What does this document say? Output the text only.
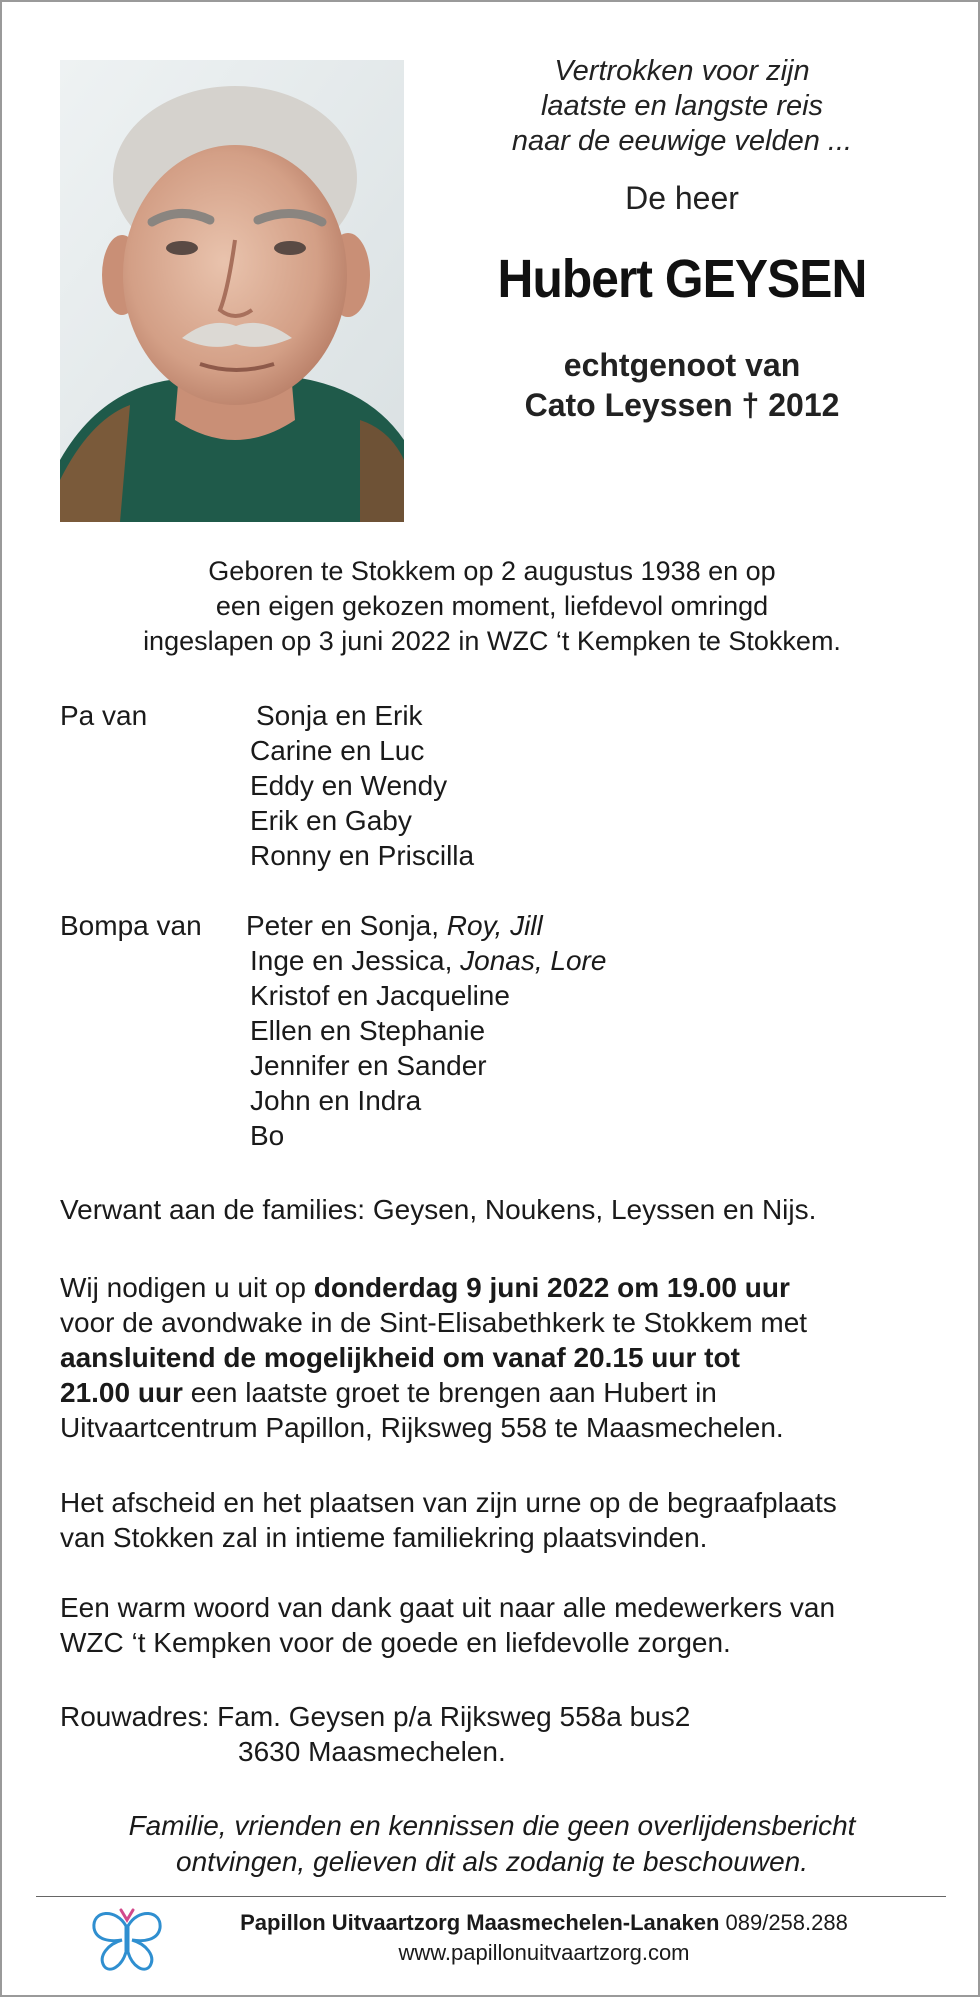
Vertrokken voor zijn
laatste en langste reis
naar de eeuwige velden ...
De heer
Hubert GEYSEN
echtgenoot van
Cato Leyssen † 2012
Geboren te Stokkem op 2 augustus 1938 en op
een eigen gekozen moment, liefdevol omringd
ingeslapen op 3 juni 2022 in WZC ‘t Kempken te Stokkem.
Pa van	Sonja en Erik
Carine en Luc
Eddy en Wendy
Erik en Gaby
Ronny en Priscilla
Bompa van Peter en Sonja, Roy, Jill
Inge en Jessica, Jonas, Lore
Kristof en Jacqueline
Ellen en Stephanie
Jennifer en Sander
John en Indra
Bo
Verwant aan de families: Geysen, Noukens, Leyssen en Nijs.
Wij nodigen u uit op donderdag 9 juni 2022 om 19.00 uur
voor de avondwake in de Sint-Elisabethkerk te Stokkem met
aansluitend de mogelijkheid om vanaf 20.15 uur tot
21.00 uur een laatste groet te brengen aan Hubert in
Uitvaartcentrum Papillon, Rijksweg 558 te Maasmechelen.
Het afscheid en het plaatsen van zijn urne op de begraafplaats
van Stokken zal in intieme familiekring plaatsvinden.
Een warm woord van dank gaat uit naar alle medewerkers van
WZC ‘t Kempken voor de goede en liefdevolle zorgen.
Rouwadres: Fam. Geysen p/a Rijksweg 558a bus2
3630 Maasmechelen.
Familie, vrienden en kennissen die geen overlijdensbericht
ontvingen, gelieven dit als zodanig te beschouwen.
Papillon Uitvaartzorg Maasmechelen-Lanaken 089/258.288
www.papillonuitvaartzorg.com
